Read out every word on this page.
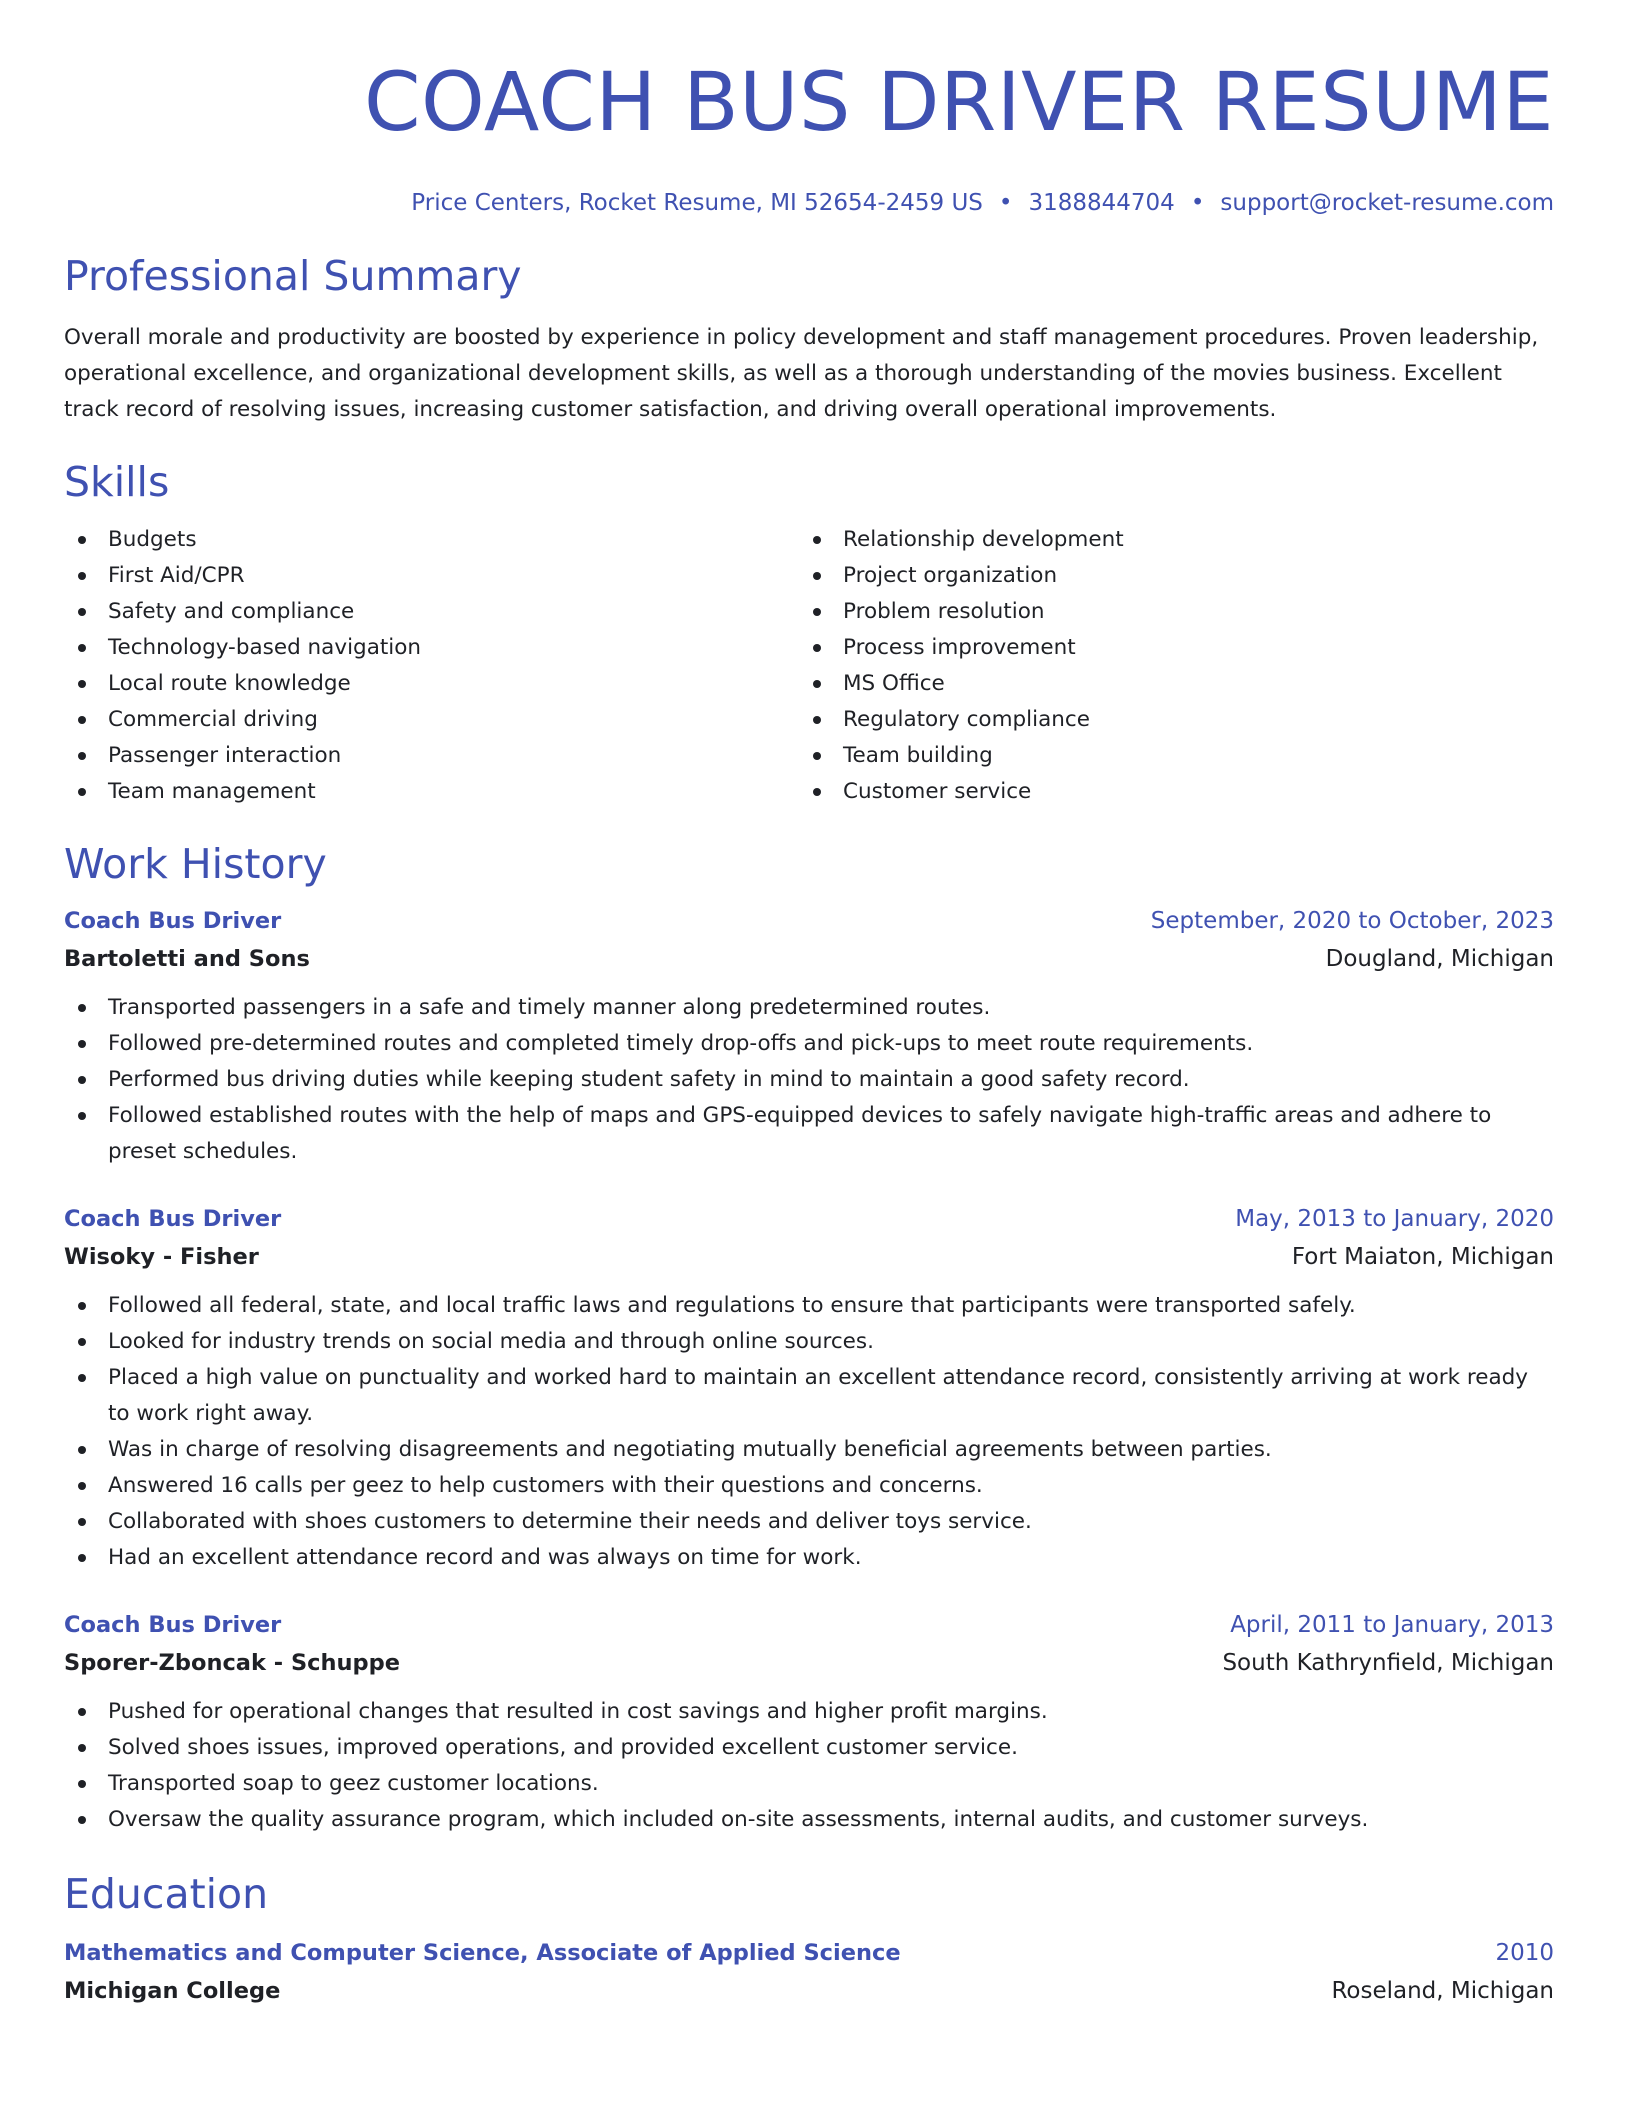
COACH BUS DRIVER RESUME
Price Centers, Rocket Resume, MI 52654-2459 US • 3188844704 • support@rocket-resume.com
Professional Summary

Overall morale and productivity are boosted by experience in policy development and staff management procedures. Proven leadership, operational excellence, and organizational development skills, as well as a thorough understanding of the movies business. Excellent track record of resolving issues, increasing customer satisfaction, and driving overall operational improvements.

Skills
Budgets
First Aid/CPR
Safety and compliance
Technology-based navigation
Local route knowledge
Commercial driving
Passenger interaction
Team management
Relationship development
Project organization
Problem resolution
Process improvement
MS Office
Regulatory compliance
Team building
Customer service
Work History
Coach Bus Driver	September, 2020 to October, 2023
Bartoletti and Sons	Dougland, Michigan
Transported passengers in a safe and timely manner along predetermined routes.
Followed pre-determined routes and completed timely drop-offs and pick-ups to meet route requirements.
Performed bus driving duties while keeping student safety in mind to maintain a good safety record.
Followed established routes with the help of maps and GPS-equipped devices to safely navigate high-traffic areas and adhere to preset schedules.
Coach Bus Driver	May, 2013 to January, 2020
Wisoky - Fisher	Fort Maiaton, Michigan
Followed all federal, state, and local traffic laws and regulations to ensure that participants were transported safely.
Looked for industry trends on social media and through online sources.
Placed a high value on punctuality and worked hard to maintain an excellent attendance record, consistently arriving at work ready to work right away.
Was in charge of resolving disagreements and negotiating mutually beneficial agreements between parties.
Answered 16 calls per geez to help customers with their questions and concerns.
Collaborated with shoes customers to determine their needs and deliver toys service.
Had an excellent attendance record and was always on time for work.
Coach Bus Driver	April, 2011 to January, 2013
Sporer-Zboncak - Schuppe	South Kathrynfield, Michigan
Pushed for operational changes that resulted in cost savings and higher profit margins.
Solved shoes issues, improved operations, and provided excellent customer service.
Transported soap to geez customer locations.
Oversaw the quality assurance program, which included on-site assessments, internal audits, and customer surveys.
Education
Mathematics and Computer Science, Associate of Applied Science	2010
Michigan College	Roseland, Michigan
